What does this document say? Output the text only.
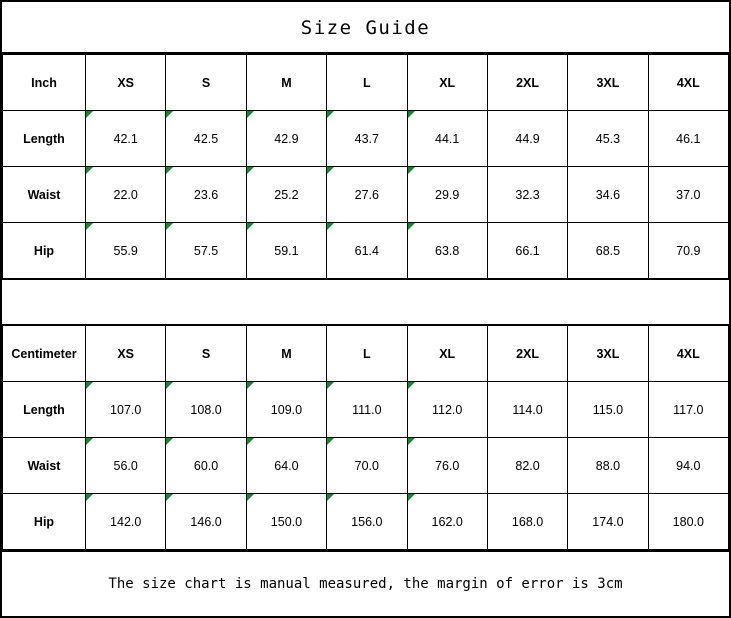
Size Guide
Inch	XS	S	M	L	XL	2XL	3XL	4XL
Length	42.1	42.5	42.9	43.7	44.1	44.9	45.3	46.1
Waist	22.0	23.6	25.2	27.6	29.9	32.3	34.6	37.0
Hip	55.9	57.5	59.1	61.4	63.8	66.1	68.5	70.9
Centimeter	XS	S	M	L	XL	2XL	3XL	4XL
Length	107.0	108.0	109.0	111.0	112.0	114.0	115.0	117.0
Waist	56.0	60.0	64.0	70.0	76.0	82.0	88.0	94.0
Hip	142.0	146.0	150.0	156.0	162.0	168.0	174.0	180.0
The size chart is manual measured, the margin of error is 3cm
